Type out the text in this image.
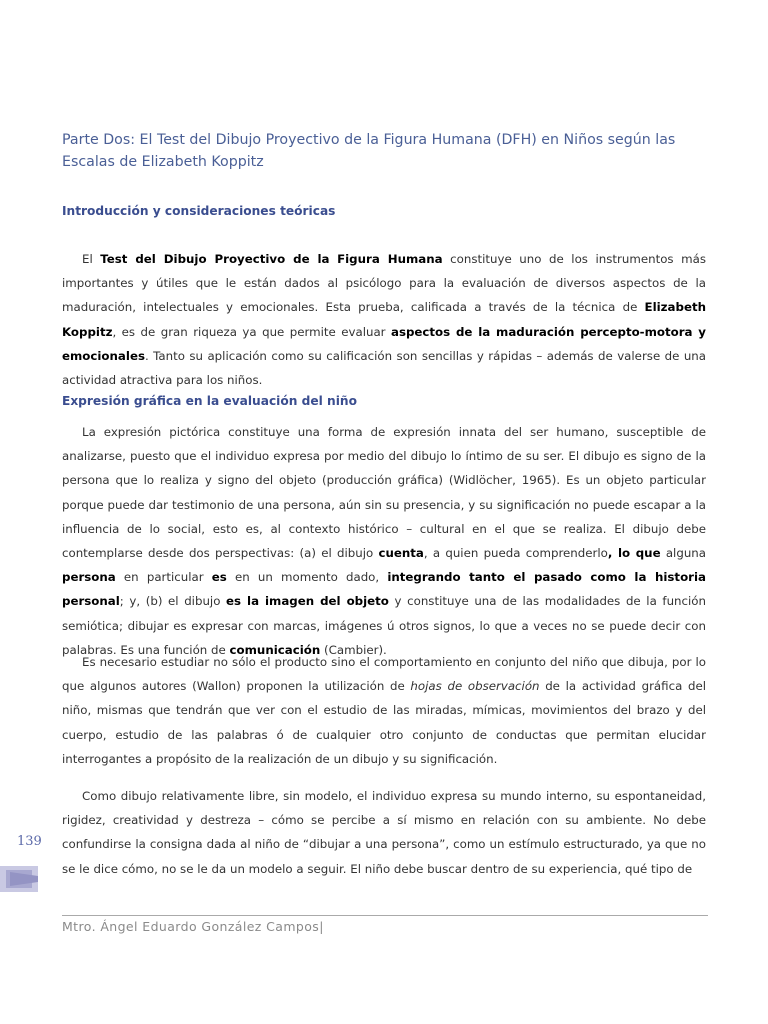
Parte Dos: El Test del Dibujo Proyectivo de la Figura Humana (DFH) en Niños según las Escalas de Elizabeth Koppitz
Introducción y consideraciones teóricas

El Test del Dibujo Proyectivo de la Figura Humana constituye uno de los instrumentos más importantes y útiles que le están dados al psicólogo para la evaluación de diversos aspectos de la maduración, intelectuales y emocionales. Esta prueba, calificada a través de la técnica de Elizabeth Koppitz, es de gran riqueza ya que permite evaluar aspectos de la maduración percepto-motora y emocionales. Tanto su aplicación como su calificación son sencillas y rápidas – además de valerse de una actividad atractiva para los niños.

Expresión gráfica en la evaluación del niño

La expresión pictórica constituye una forma de expresión innata del ser humano, susceptible de analizarse, puesto que el individuo expresa por medio del dibujo lo íntimo de su ser. El dibujo es signo de la persona que lo realiza y signo del objeto (producción gráfica) (Widlöcher, 1965). Es un objeto particular porque puede dar testimonio de una persona, aún sin su presencia, y su significación no puede escapar a la influencia de lo social, esto es, al contexto histórico – cultural en el que se realiza. El dibujo debe contemplarse desde dos perspectivas: (a) el dibujo cuenta, a quien pueda comprenderlo, lo que alguna persona en particular es en un momento dado, integrando tanto el pasado como la historia personal; y, (b) el dibujo es la imagen del objeto y constituye una de las modalidades de la función semiótica; dibujar es expresar con marcas, imágenes ú otros signos, lo que a veces no se puede decir con palabras. Es una función de comunicación (Cambier).

Es necesario estudiar no sólo el producto sino el comportamiento en conjunto del niño que dibuja, por lo que algunos autores (Wallon) proponen la utilización de hojas de observación de la actividad gráfica del niño, mismas que tendrán que ver con el estudio de las miradas, mímicas, movimientos del brazo y del cuerpo, estudio de las palabras ó de cualquier otro conjunto de conductas que permitan elucidar interrogantes a propósito de la realización de un dibujo y su significación.

Como dibujo relativamente libre, sin modelo, el individuo expresa su mundo interno, su espontaneidad, rigidez, creatividad y destreza – cómo se percibe a sí mismo en relación con su ambiente. No debe confundirse la consigna dada al niño de “dibujar a una persona”, como un estímulo estructurado, ya que no se le dice cómo, no se le da un modelo a seguir. El niño debe buscar dentro de su experiencia, qué tipo de

139
Mtro. Ángel Eduardo González Campos|
